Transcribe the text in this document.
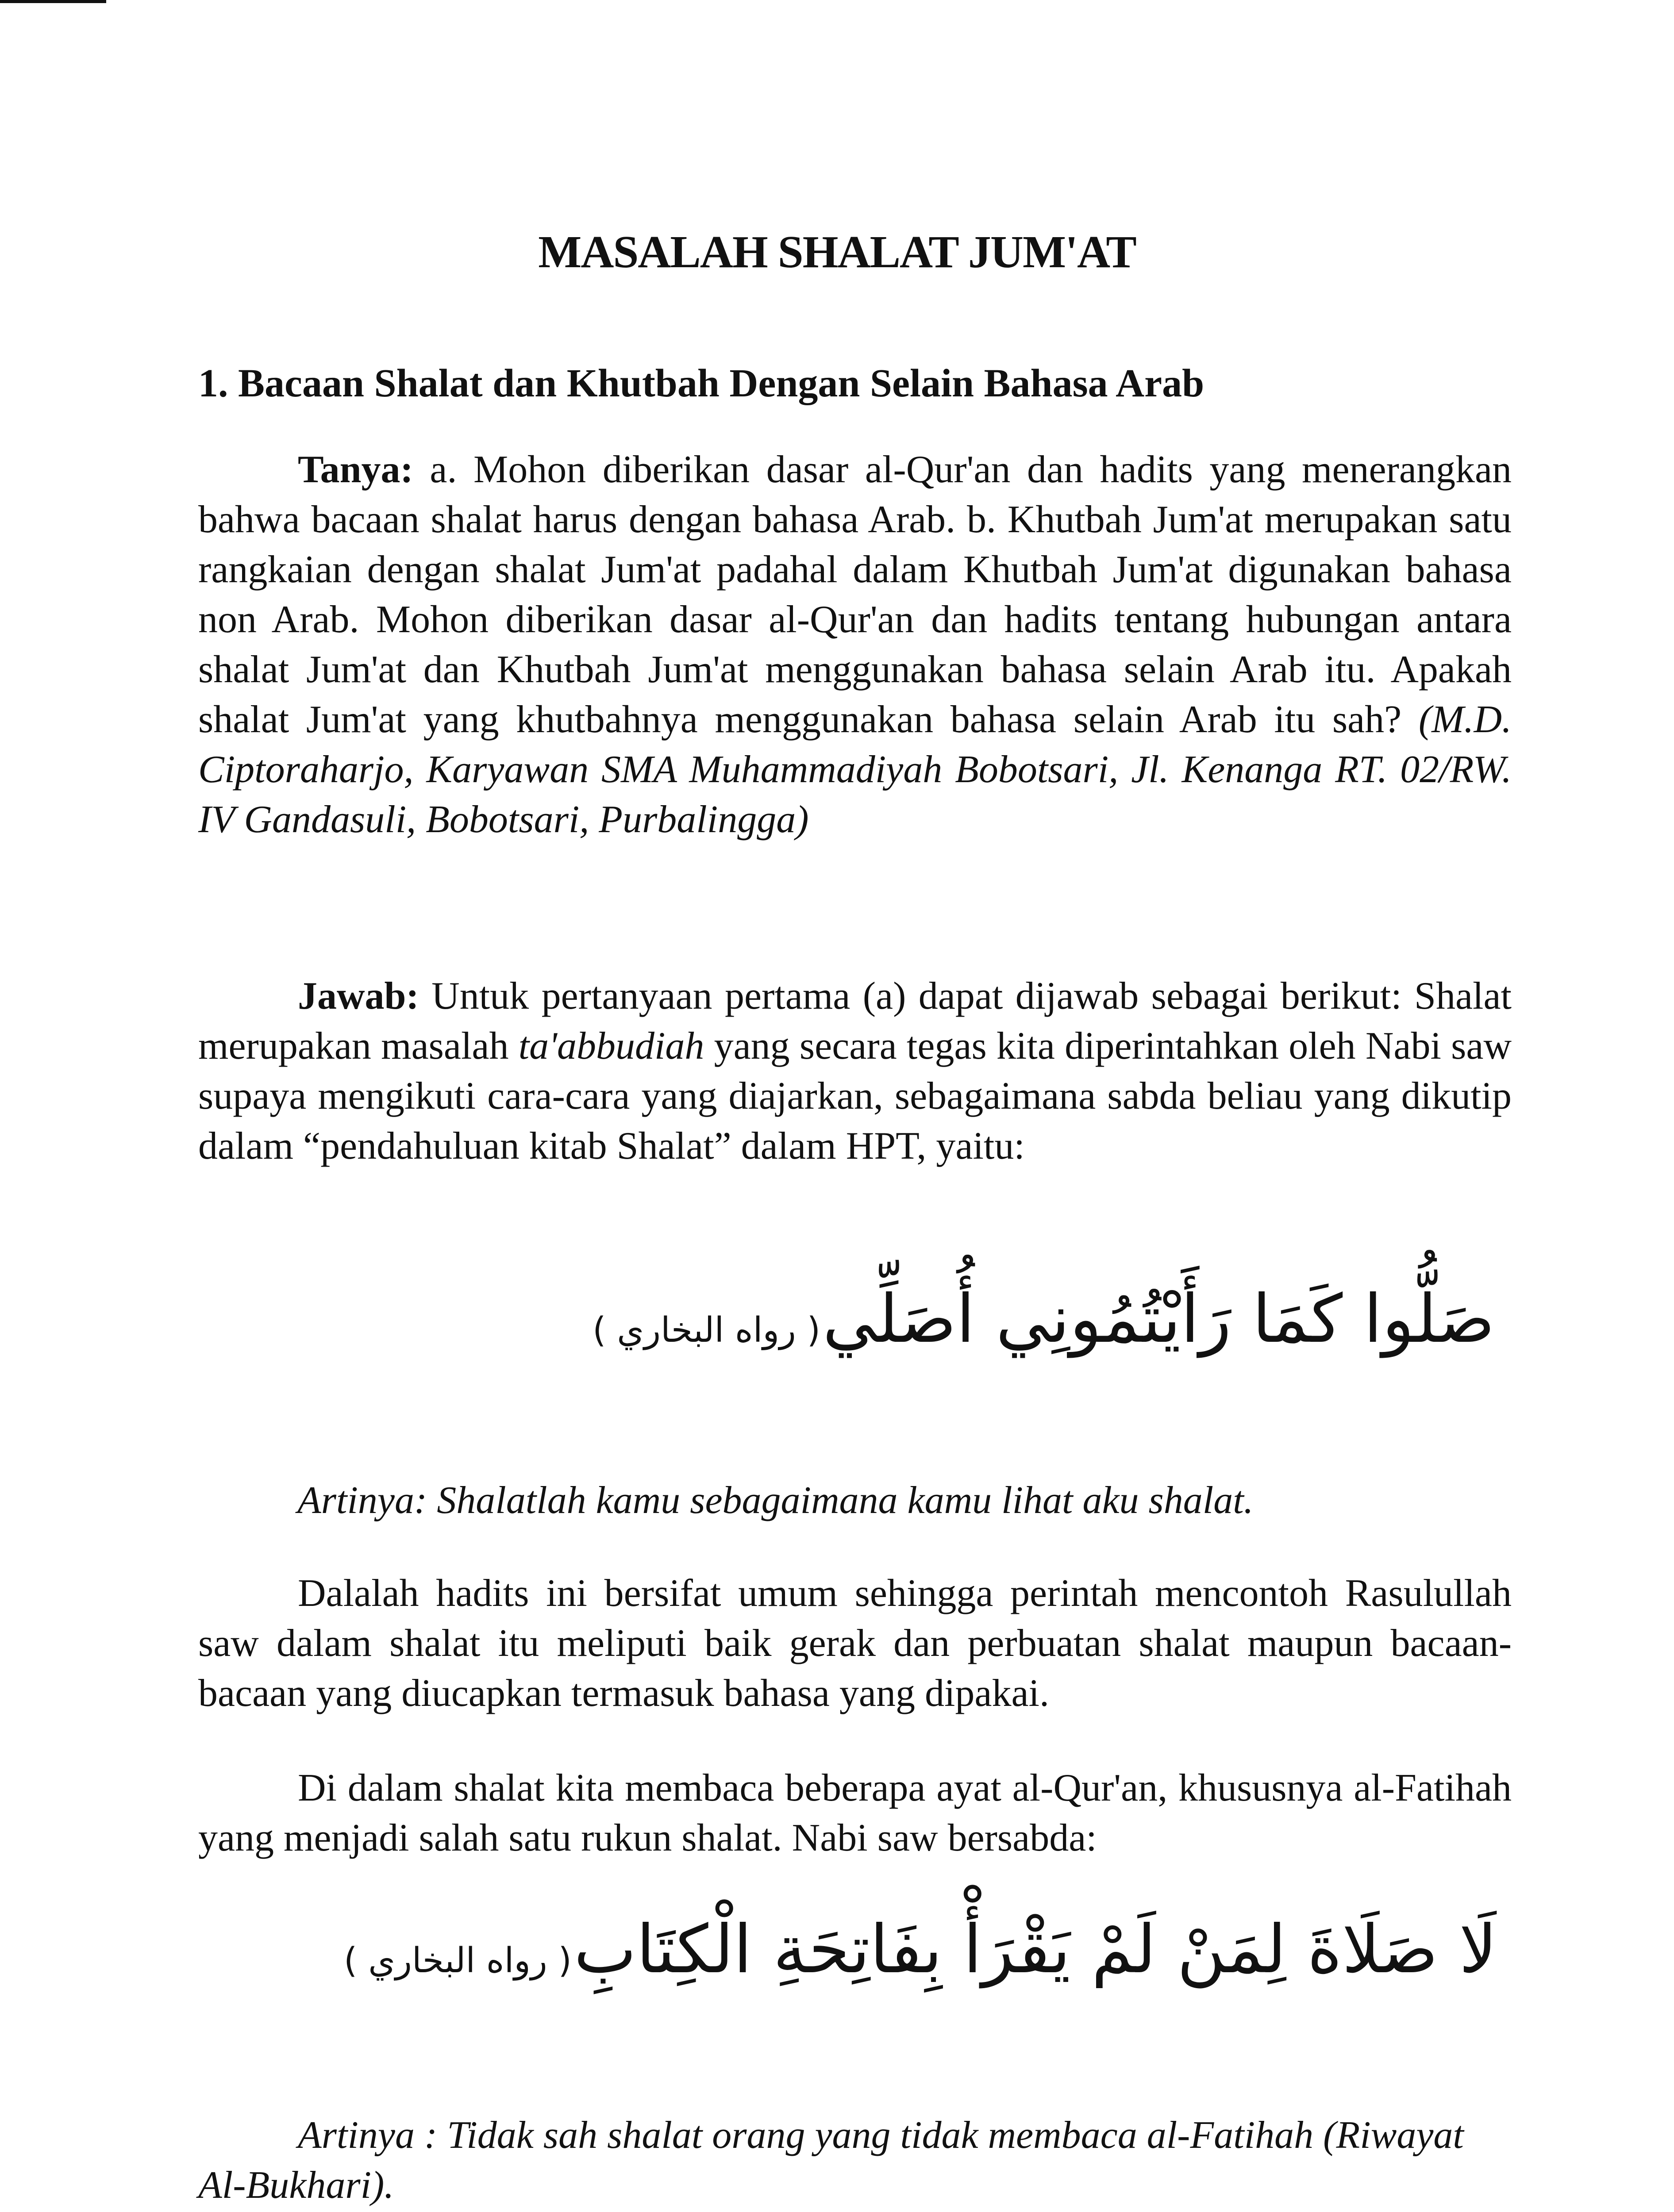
MASALAH SHALAT JUM'AT
1. Bacaan Shalat dan Khutbah Dengan Selain Bahasa Arab

Tanya: a. Mohon diberikan dasar al-Qur'an dan hadits yang menerangkan bahwa bacaan shalat harus dengan bahasa Arab. b. Khutbah Jum'at merupakan satu rangkaian dengan shalat Jum'at padahal dalam Khutbah Jum'at digunakan bahasa non Arab. Mohon diberikan dasar al-Qur'an dan hadits tentang hubungan antara shalat Jum'at dan Khutbah Jum'at menggunakan bahasa selain Arab itu. Apakah shalat Jum'at yang khutbahnya menggunakan bahasa selain Arab itu sah? (M.D. Ciptoraharjo, Karyawan SMA Muhammadiyah Bobotsari, Jl. Kenanga RT. 02/RW. IV Gandasuli, Bobotsari, Purbalingga)

Jawab: Untuk pertanyaan pertama (a) dapat dijawab sebagai berikut: Shalat merupakan masalah ta'abbudiah yang secara tegas kita diperintahkan oleh Nabi saw supaya mengikuti cara-cara yang diajarkan, sebagaimana sabda beliau yang dikutip dalam “pendahuluan kitab Shalat” dalam HPT, yaitu:

صَلُّوا كَمَا رَأَيْتُمُونِي أُصَلِّي ( رواه البخاري )
Artinya: Shalatlah kamu sebagaimana kamu lihat aku shalat.

Dalalah hadits ini bersifat umum sehingga perintah mencontoh Rasulullah saw dalam shalat itu meliputi baik gerak dan perbuatan shalat maupun bacaan-bacaan yang diucapkan termasuk bahasa yang dipakai.

Di dalam shalat kita membaca beberapa ayat al-Qur'an, khususnya al-Fatihah yang menjadi salah satu rukun shalat. Nabi saw bersabda:

لَا صَلَاةَ لِمَنْ لَمْ يَقْرَأْ بِفَاتِحَةِ الْكِتَابِ ( رواه البخاري )
Artinya : Tidak sah shalat orang yang tidak membaca al-Fatihah (Riwayat Al-Bukhari).
